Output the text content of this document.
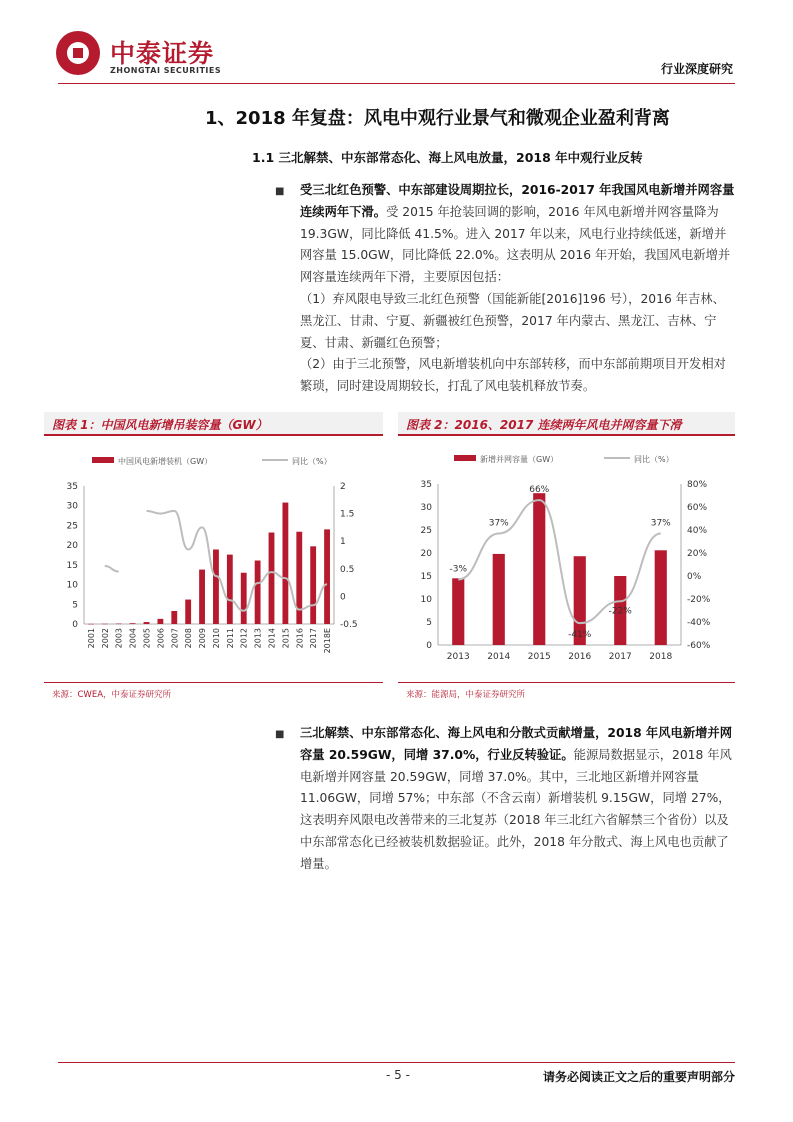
中泰证券
ZHONGTAI SECURITIES	行业深度研究
1、2018 年复盘：风电中观行业景气和微观企业盈利背离
1.1 三北解禁、中东部常态化、海上风电放量，2018 年中观行业反转
■ 受三北红色预警、中东部建设周期拉长，2016-2017 年我国风电新增并网容量连续两年下滑。受 2015 年抢装回调的影响，2016 年风电新增并网容量降为 19.3GW，同比降低 41.5%。进入 2017 年以来，风电行业持续低迷，新增并网容量 15.0GW，同比降低 22.0%。这表明从 2016 年开始，我国风电新增并网容量连续两年下滑，主要原因包括：
（1）弃风限电导致三北红色预警（国能新能[2016]196 号），2016 年吉林、黑龙江、甘肃、宁夏、新疆被红色预警，2017 年内蒙古、黑龙江、吉林、宁夏、甘肃、新疆红色预警；
（2）由于三北预警，风电新增装机向中东部转移，而中东部前期项目开发相对繁琐，同时建设周期较长，打乱了风电装机释放节奏。
图表 1：中国风电新增吊装容量（GW）
中国风电新增装机（GW）	同比（%）
0
5
10
15
20
25
30
35
-0.5
0
0.5
1
1.5
2
2001 2002 2003 2004 2005 2006 2007 2008 2009 2010 2011 2012 2013 2014 2015 2016 2017 2018E
来源：CWEA，中泰证券研究所
图表 2：2016、2017 连续两年风电并网容量下滑
新增并网容量（GW）	同比（%）
0
5
10
15
20
25
30
35
-60%
-40%
-20%
0%
20%
40%
60%
80%
2013 2014 2015 2016 2017 2018
-3%
37%
66%
-41%
-22%
37%
来源：能源局，中泰证券研究所
■ 三北解禁、中东部常态化、海上风电和分散式贡献增量，2018 年风电新增并网容量 20.59GW，同增 37.0%，行业反转验证。能源局数据显示，2018 年风电新增并网容量 20.59GW，同增 37.0%。其中，三北地区新增并网容量 11.06GW，同增 57%；中东部（不含云南）新增装机 9.15GW，同增 27%，这表明弃风限电改善带来的三北复苏（2018 年三北红六省解禁三个省份）以及中东部常态化已经被装机数据验证。此外，2018 年分散式、海上风电也贡献了增量。
- 5 -	请务必阅读正文之后的重要声明部分
